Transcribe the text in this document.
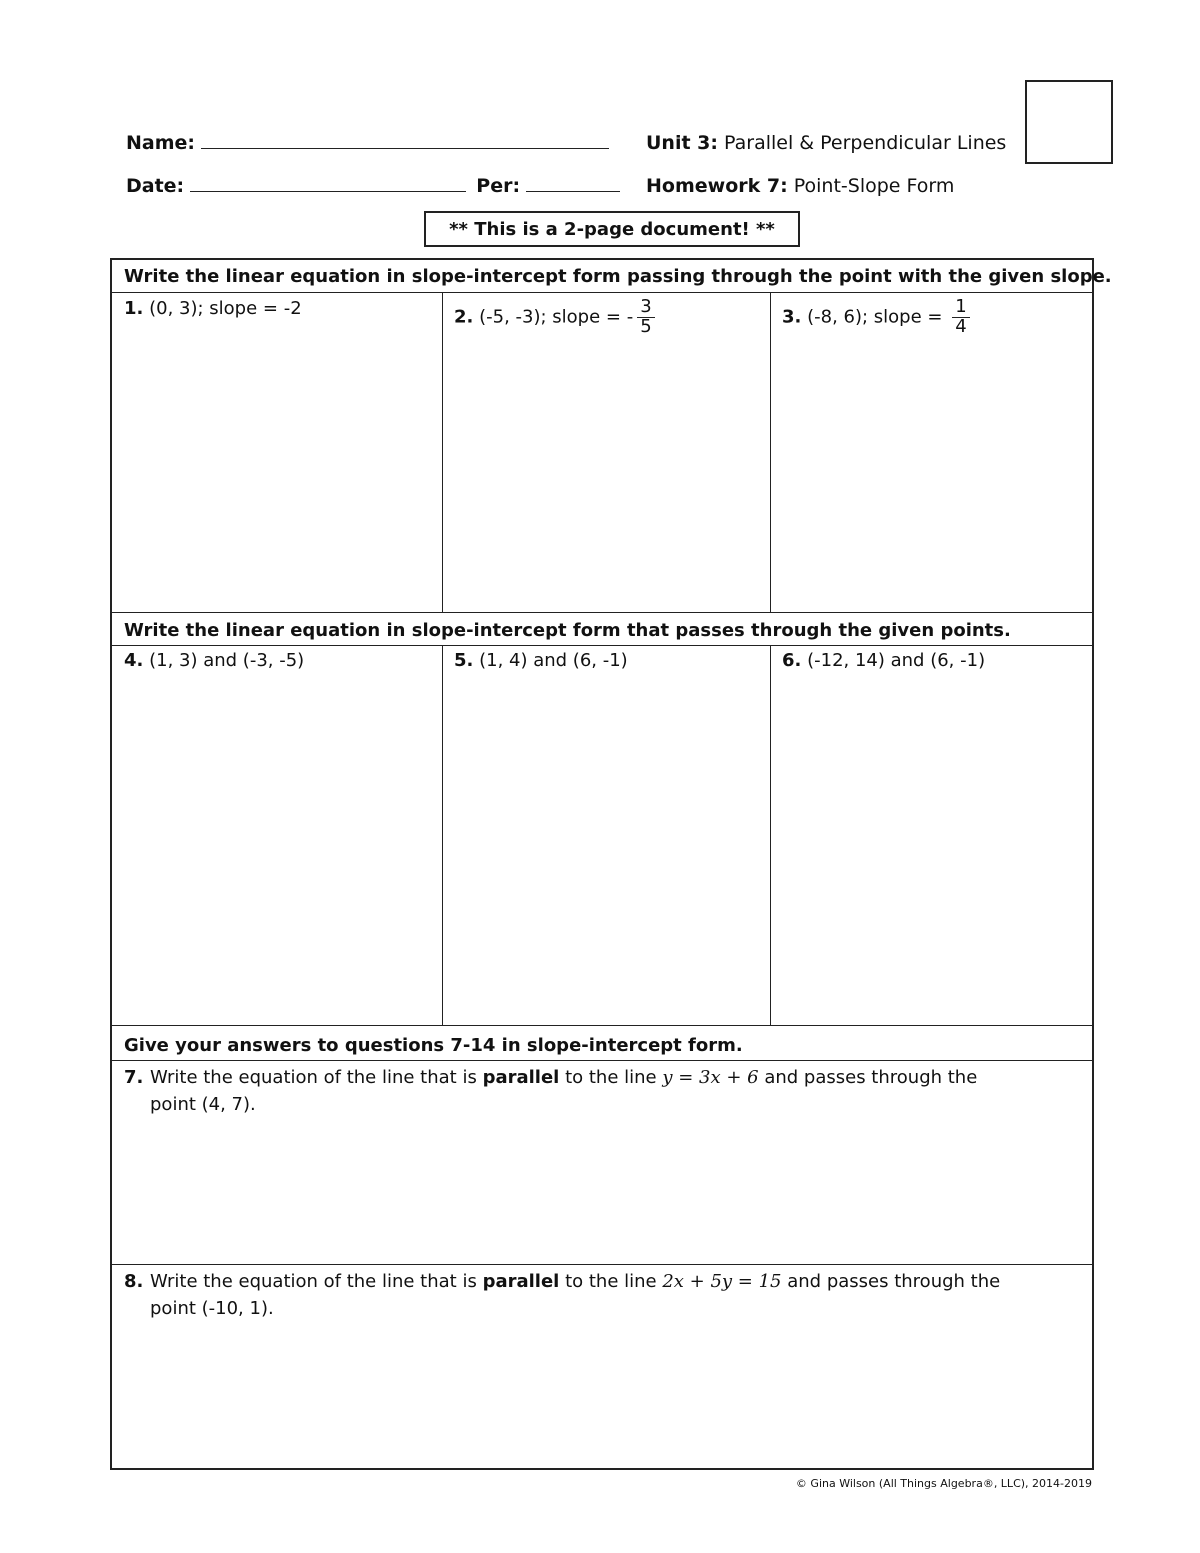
Name:
Date:	Per:
Unit 3: Parallel & Perpendicular Lines
Homework 7: Point-Slope Form
** This is a 2-page document! **
Write the linear equation in slope-intercept form passing through the point with the given slope.
1. (0, 3); slope = -2	2. (-5, -3); slope = - $\frac{3}{5}$	3. (-8, 6); slope = $\frac{1}{4}$
Write the linear equation in slope-intercept form that passes through the given points.
4. (1, 3) and (-3, -5)	5. (1, 4) and (6, -1)	6. (-12, 14) and (6, -1)
Give your answers to questions 7-14 in slope-intercept form.
7. Write the equation of the line that is parallel to the line y = 3x + 6 and passes through the
point (4, 7).
8. Write the equation of the line that is parallel to the line 2x + 5y = 15 and passes through the
point (-10, 1).
© Gina Wilson (All Things Algebra®, LLC), 2014-2019
